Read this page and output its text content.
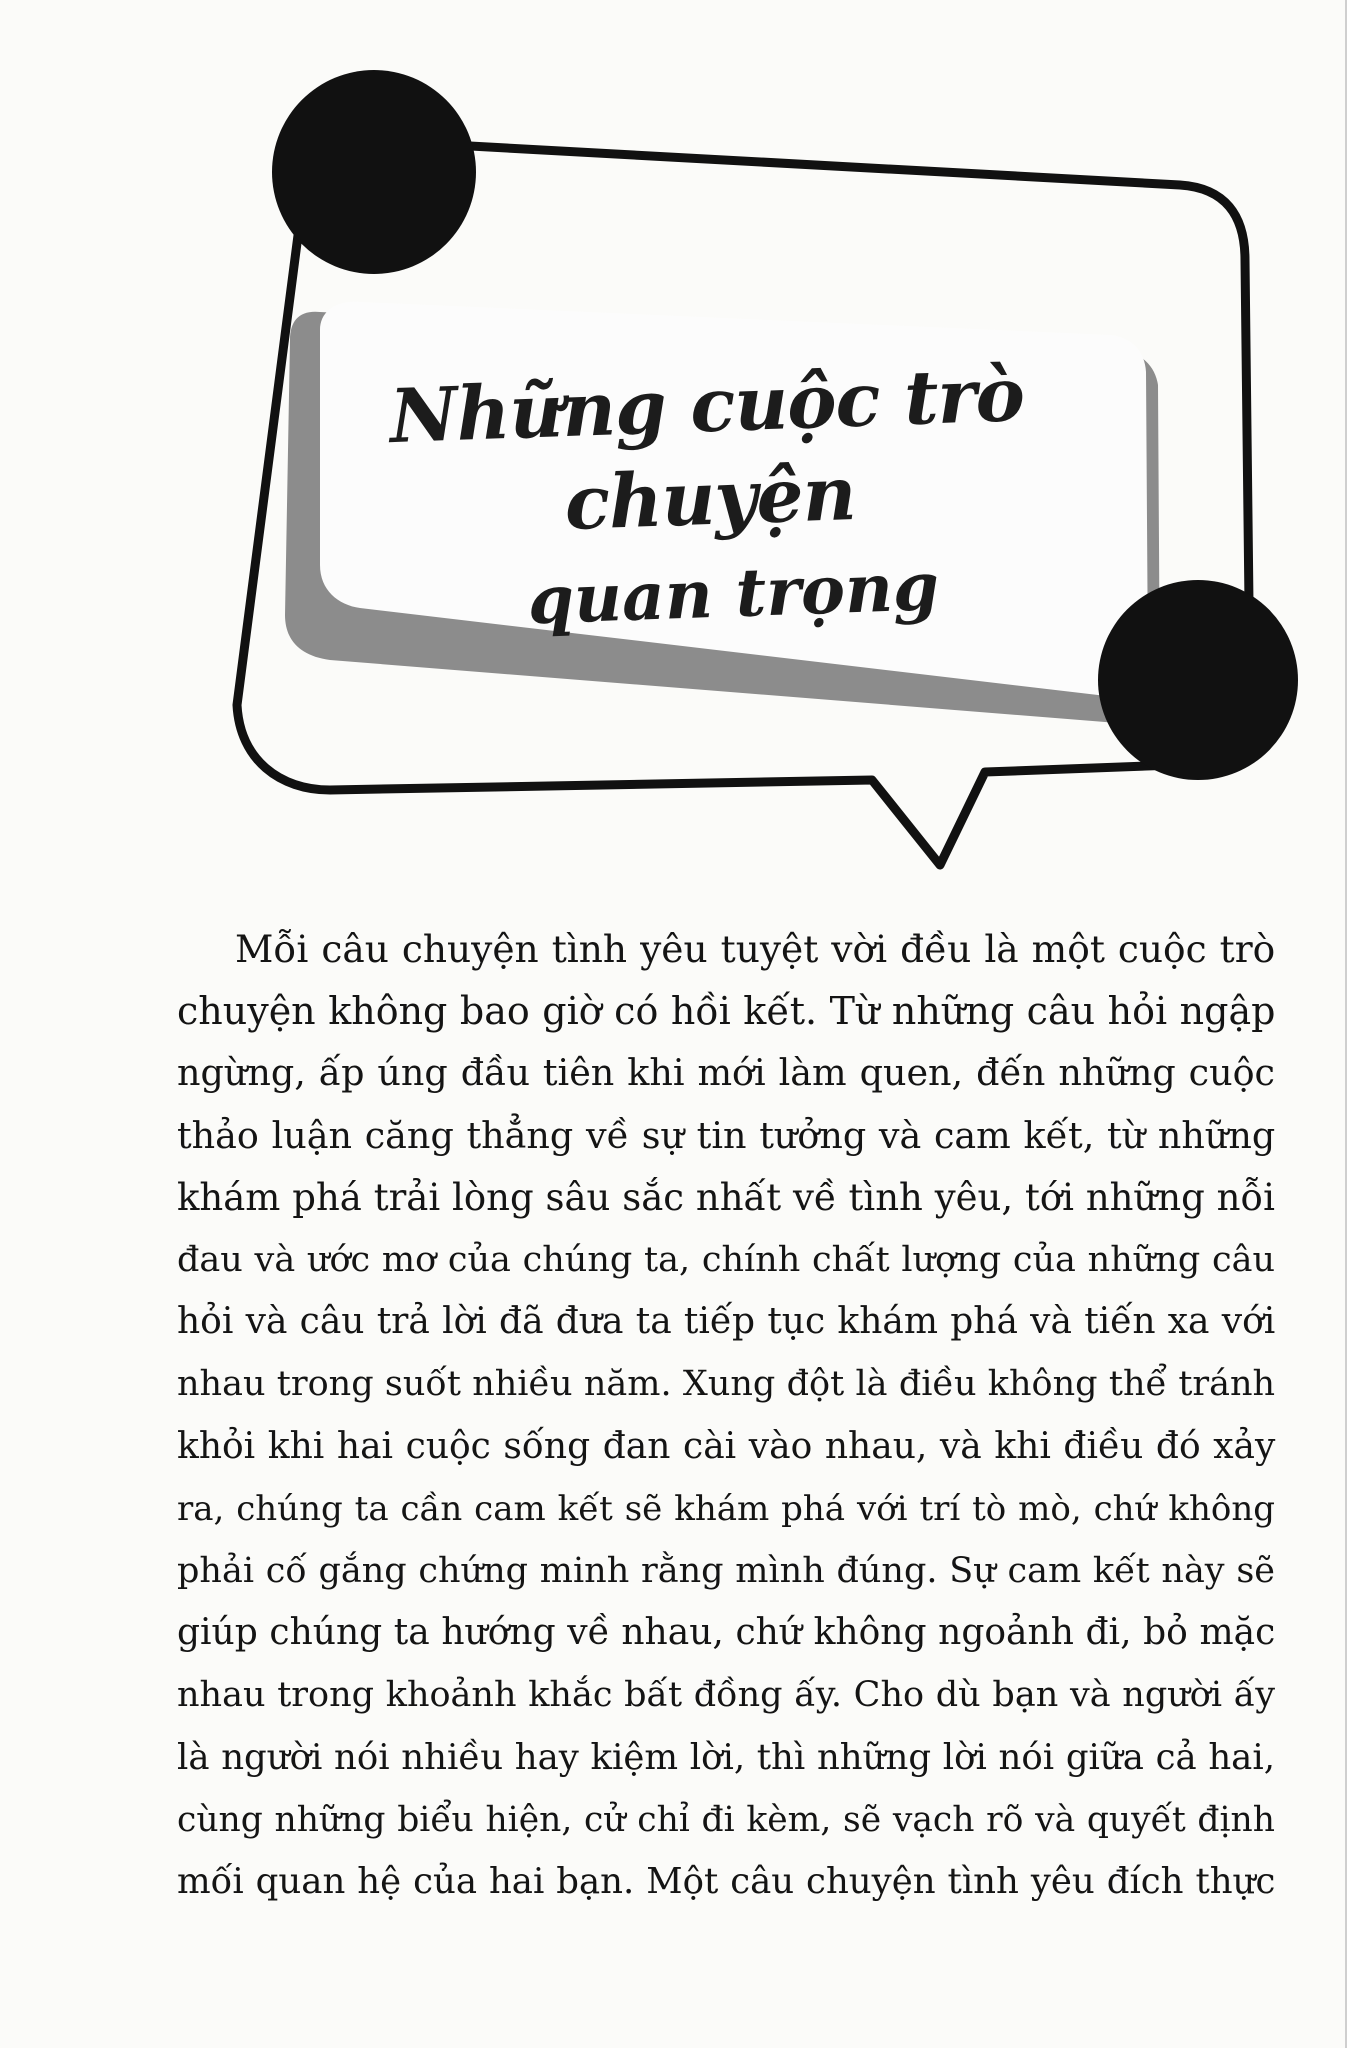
Những cuộc trò chuyện
quan trọng
Mỗi câu chuyện tình yêu tuyệt vời đều là một cuộc trò
chuyện không bao giờ có hồi kết. Từ những câu hỏi ngập
ngừng, ấp úng đầu tiên khi mới làm quen, đến những cuộc
thảo luận căng thẳng về sự tin tưởng và cam kết, từ những
khám phá trải lòng sâu sắc nhất về tình yêu, tới những nỗi
đau và ước mơ của chúng ta, chính chất lượng của những câu
hỏi và câu trả lời đã đưa ta tiếp tục khám phá và tiến xa với
nhau trong suốt nhiều năm. Xung đột là điều không thể tránh
khỏi khi hai cuộc sống đan cài vào nhau, và khi điều đó xảy
ra, chúng ta cần cam kết sẽ khám phá với trí tò mò, chứ không
phải cố gắng chứng minh rằng mình đúng. Sự cam kết này sẽ
giúp chúng ta hướng về nhau, chứ không ngoảnh đi, bỏ mặc
nhau trong khoảnh khắc bất đồng ấy. Cho dù bạn và người ấy
là người nói nhiều hay kiệm lời, thì những lời nói giữa cả hai,
cùng những biểu hiện, cử chỉ đi kèm, sẽ vạch rõ và quyết định
mối quan hệ của hai bạn. Một câu chuyện tình yêu đích thực
